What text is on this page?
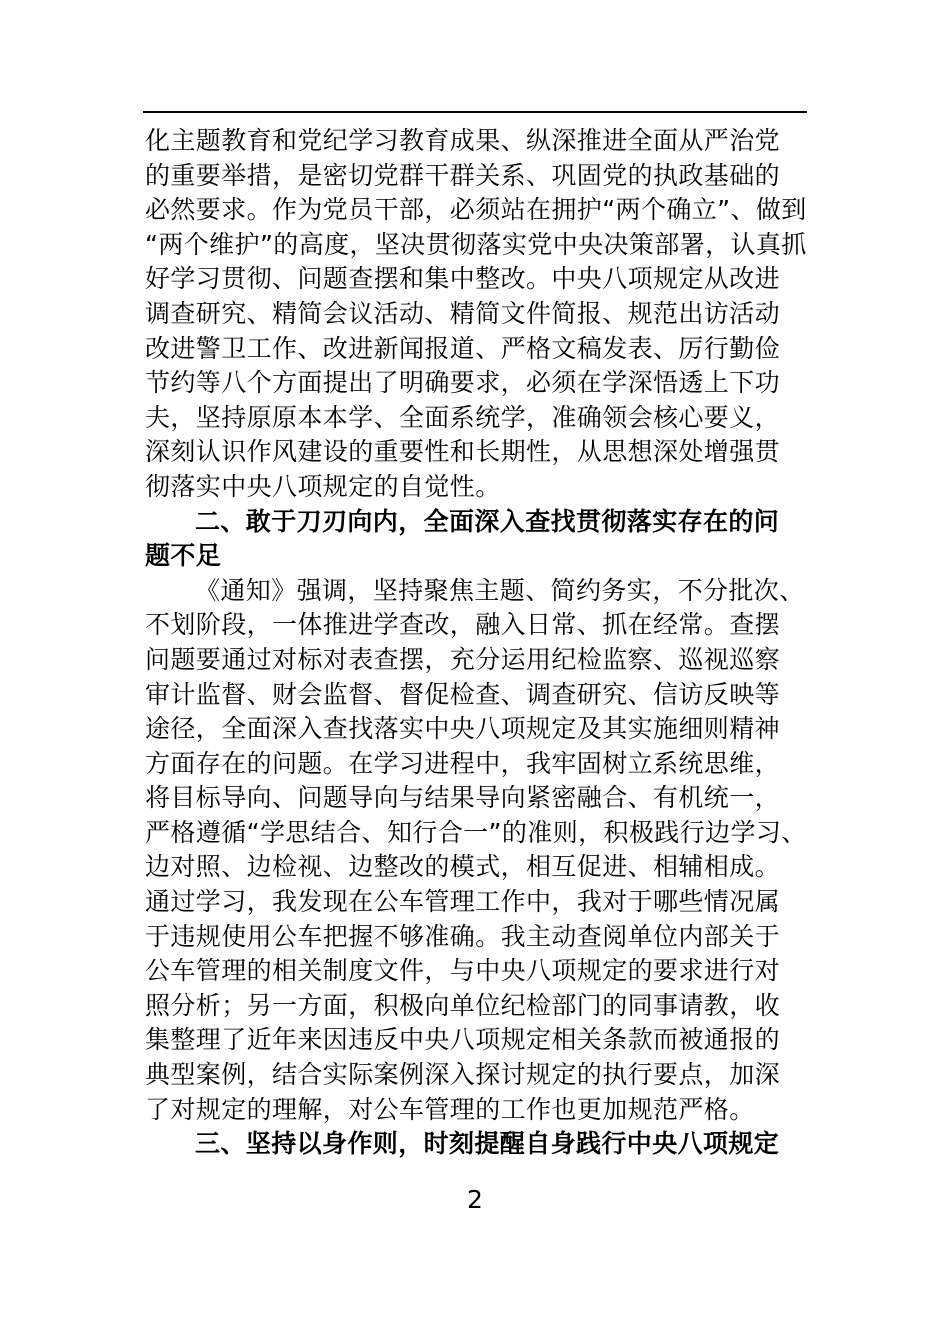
化主题教育和党纪学习教育成果、纵深推进全面从严治党
的重要举措，是密切党群干群关系、巩固党的执政基础的
必然要求。作为党员干部，必须站在拥护“两个确立”、做到
“两个维护”的高度，坚决贯彻落实党中央决策部署，认真抓
好学习贯彻、问题查摆和集中整改。中央八项规定从改进
调查研究、精简会议活动、精简文件简报、规范出访活动
改进警卫工作、改进新闻报道、严格文稿发表、厉行勤俭
节约等八个方面提出了明确要求，必须在学深悟透上下功
夫，坚持原原本本学、全面系统学，准确领会核心要义，
深刻认识作风建设的重要性和长期性，从思想深处增强贯
彻落实中央八项规定的自觉性。
二、敢于刀刃向内，全面深入查找贯彻落实存在的问
题不足
《通知》强调，坚持聚焦主题、简约务实，不分批次、
不划阶段，一体推进学查改，融入日常、抓在经常。查摆
问题要通过对标对表查摆，充分运用纪检监察、巡视巡察
审计监督、财会监督、督促检查、调查研究、信访反映等
途径，全面深入查找落实中央八项规定及其实施细则精神
方面存在的问题。在学习进程中，我牢固树立系统思维，
将目标导向、问题导向与结果导向紧密融合、有机统一，
严格遵循“学思结合、知行合一”的准则，积极践行边学习、
边对照、边检视、边整改的模式，相互促进、相辅相成。
通过学习，我发现在公车管理工作中，我对于哪些情况属
于违规使用公车把握不够准确。我主动查阅单位内部关于
公车管理的相关制度文件，与中央八项规定的要求进行对
照分析；另一方面，积极向单位纪检部门的同事请教，收
集整理了近年来因违反中央八项规定相关条款而被通报的
典型案例，结合实际案例深入探讨规定的执行要点，加深
了对规定的理解，对公车管理的工作也更加规范严格。
三、坚持以身作则，时刻提醒自身践行中央八项规定
2
